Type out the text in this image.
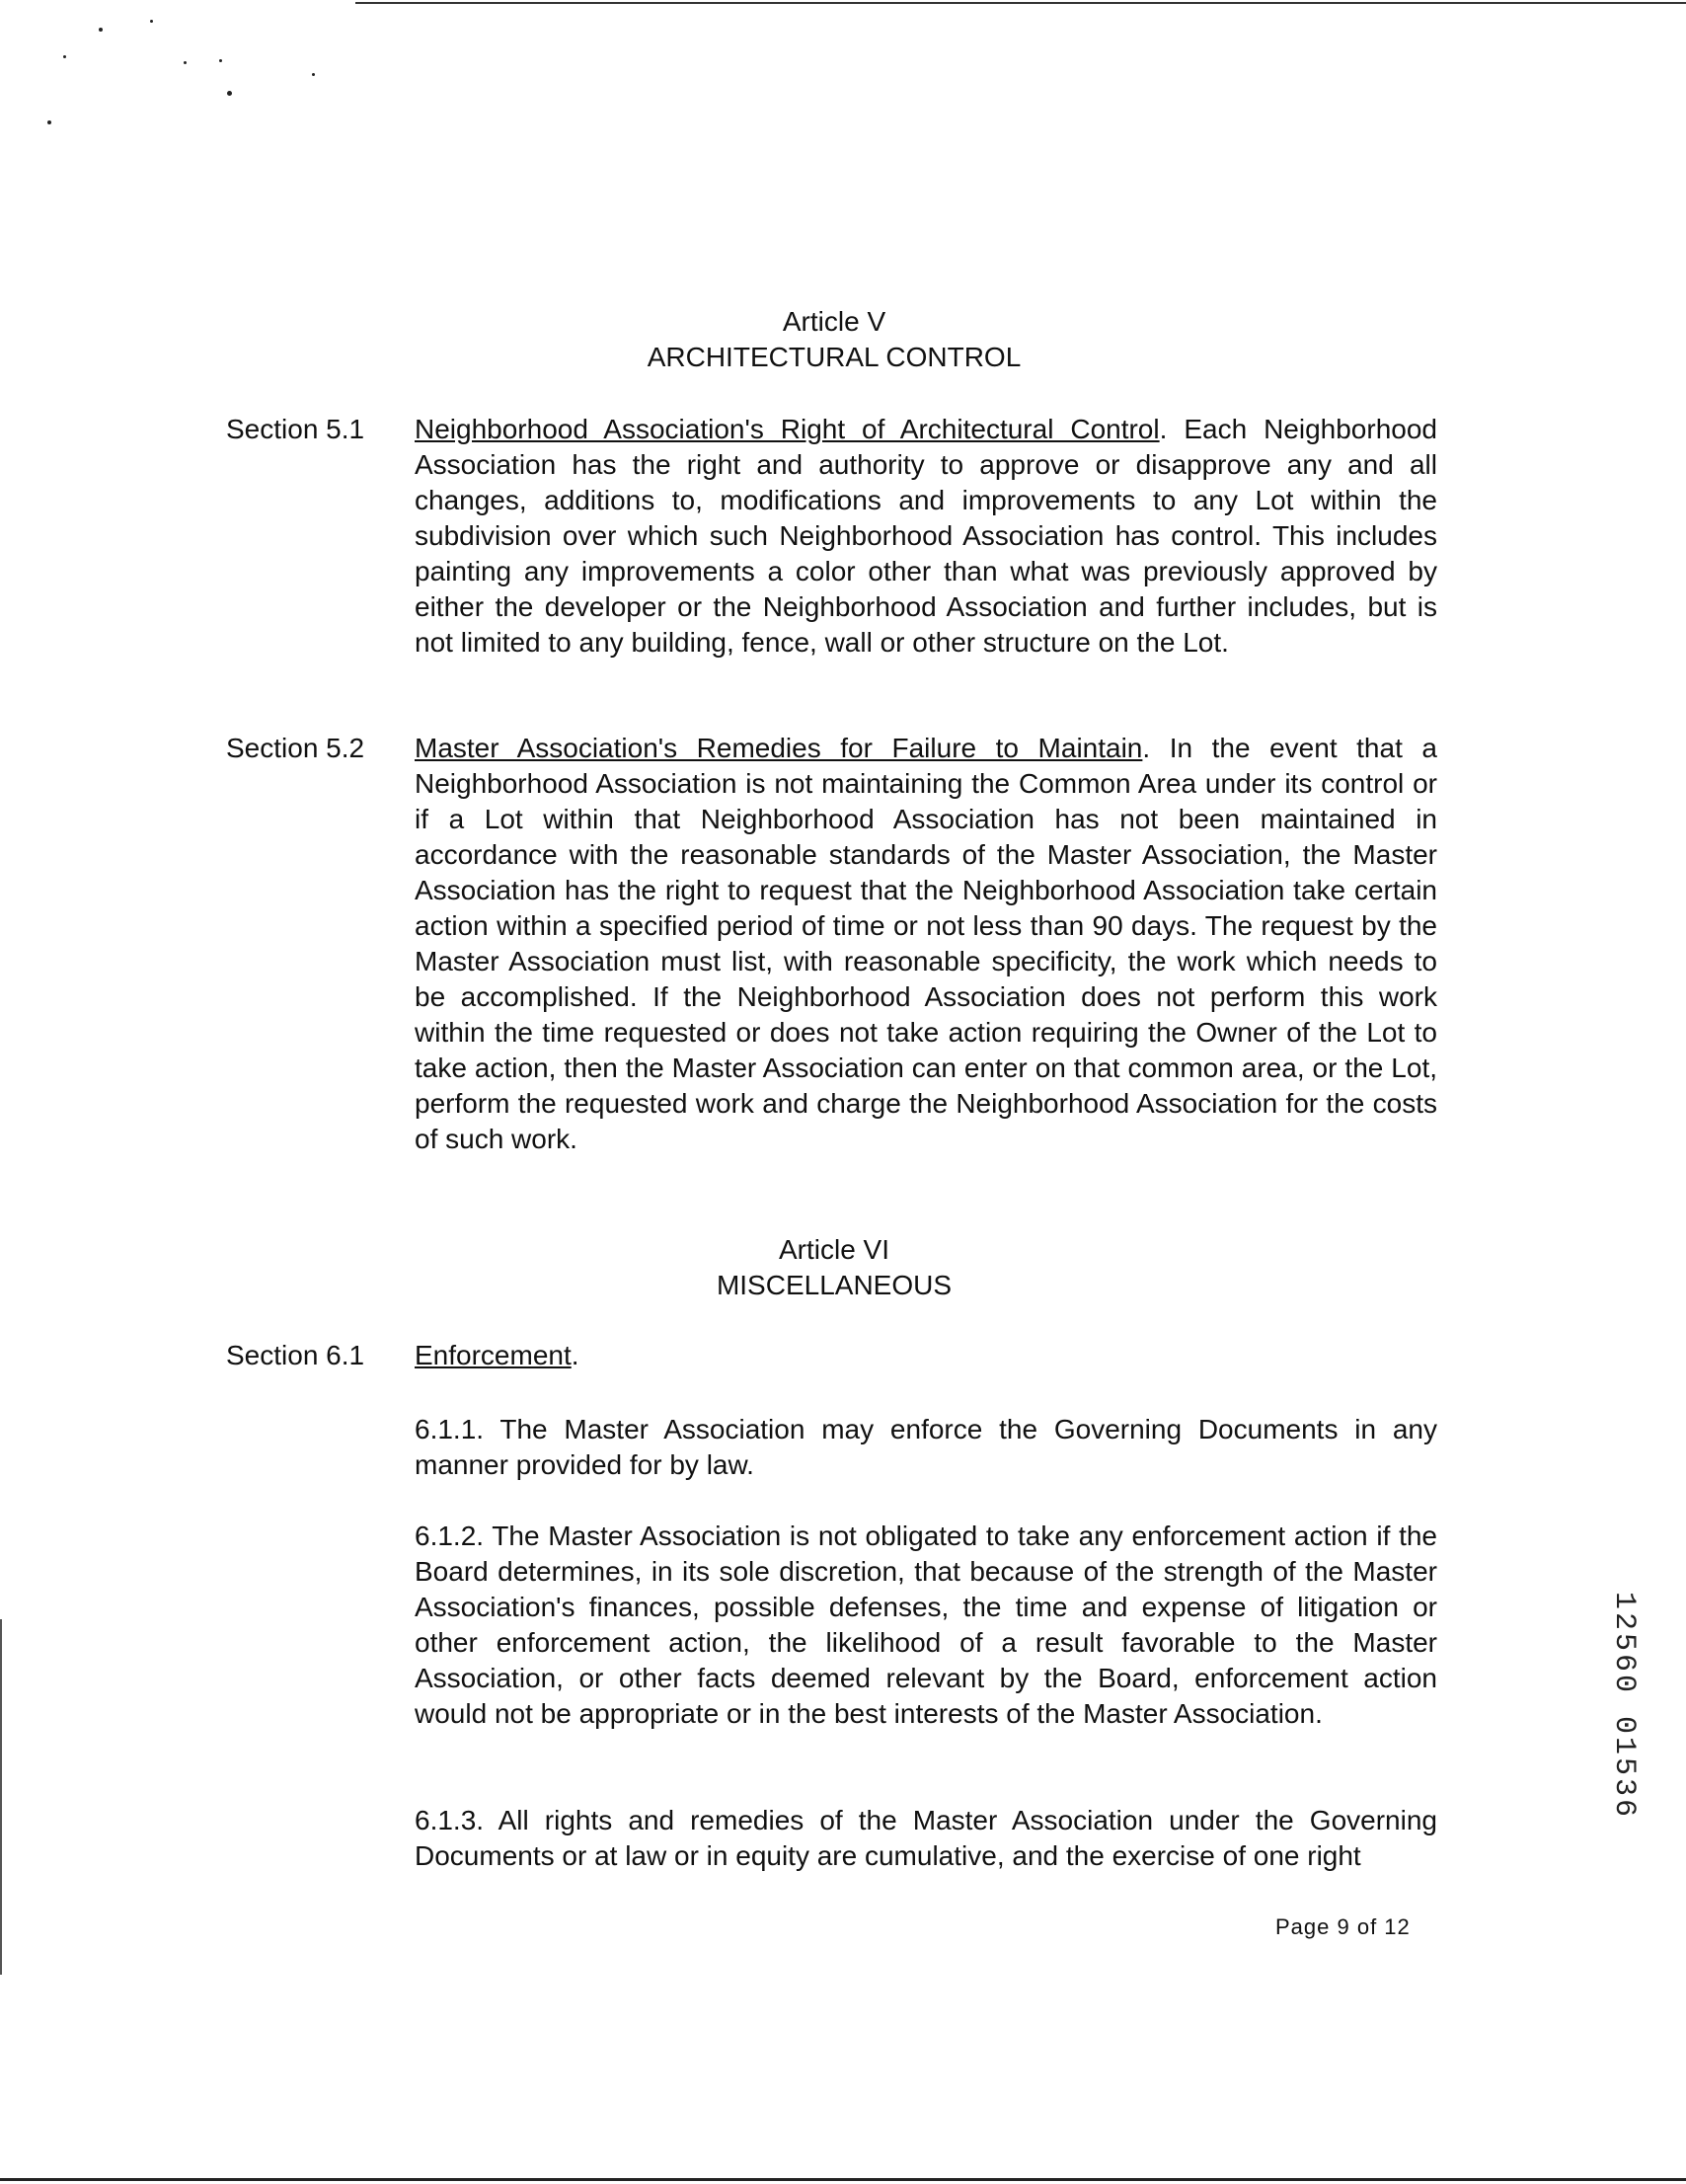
Article V
ARCHITECTURAL CONTROL
Section 5.1 Neighborhood Association's Right of Architectural Control. Each Neighborhood Association has the right and authority to approve or disapprove any and all changes, additions to, modifications and improvements to any Lot within the subdivision over which such Neighborhood Association has control. This includes painting any improvements a color other than what was previously approved by either the developer or the Neighborhood Association and further includes, but is not limited to any building, fence, wall or other structure on the Lot.

Section 5.2 Master Association's Remedies for Failure to Maintain. In the event that a Neighborhood Association is not maintaining the Common Area under its control or if a Lot within that Neighborhood Association has not been maintained in accordance with the reasonable standards of the Master Association, the Master Association has the right to request that the Neighborhood Association take certain action within a specified period of time or not less than 90 days. The request by the Master Association must list, with reasonable specificity, the work which needs to be accomplished. If the Neighborhood Association does not perform this work within the time requested or does not take action requiring the Owner of the Lot to take action, then the Master Association can enter on that common area, or the Lot, perform the requested work and charge the Neighborhood Association for the costs of such work.

Article VI
MISCELLANEOUS
Section 6.1 Enforcement.

6.1.1. The Master Association may enforce the Governing Documents in any manner provided for by law.

6.1.2. The Master Association is not obligated to take any enforcement action if the Board determines, in its sole discretion, that because of the strength of the Master Association's finances, possible defenses, the time and expense of litigation or other enforcement action, the likelihood of a result favorable to the Master Association, or other facts deemed relevant by the Board, enforcement action would not be appropriate or in the best interests of the Master Association.

6.1.3. All rights and remedies of the Master Association under the Governing Documents or at law or in equity are cumulative, and the exercise of one right

Page 9 of 12
12560 01536
